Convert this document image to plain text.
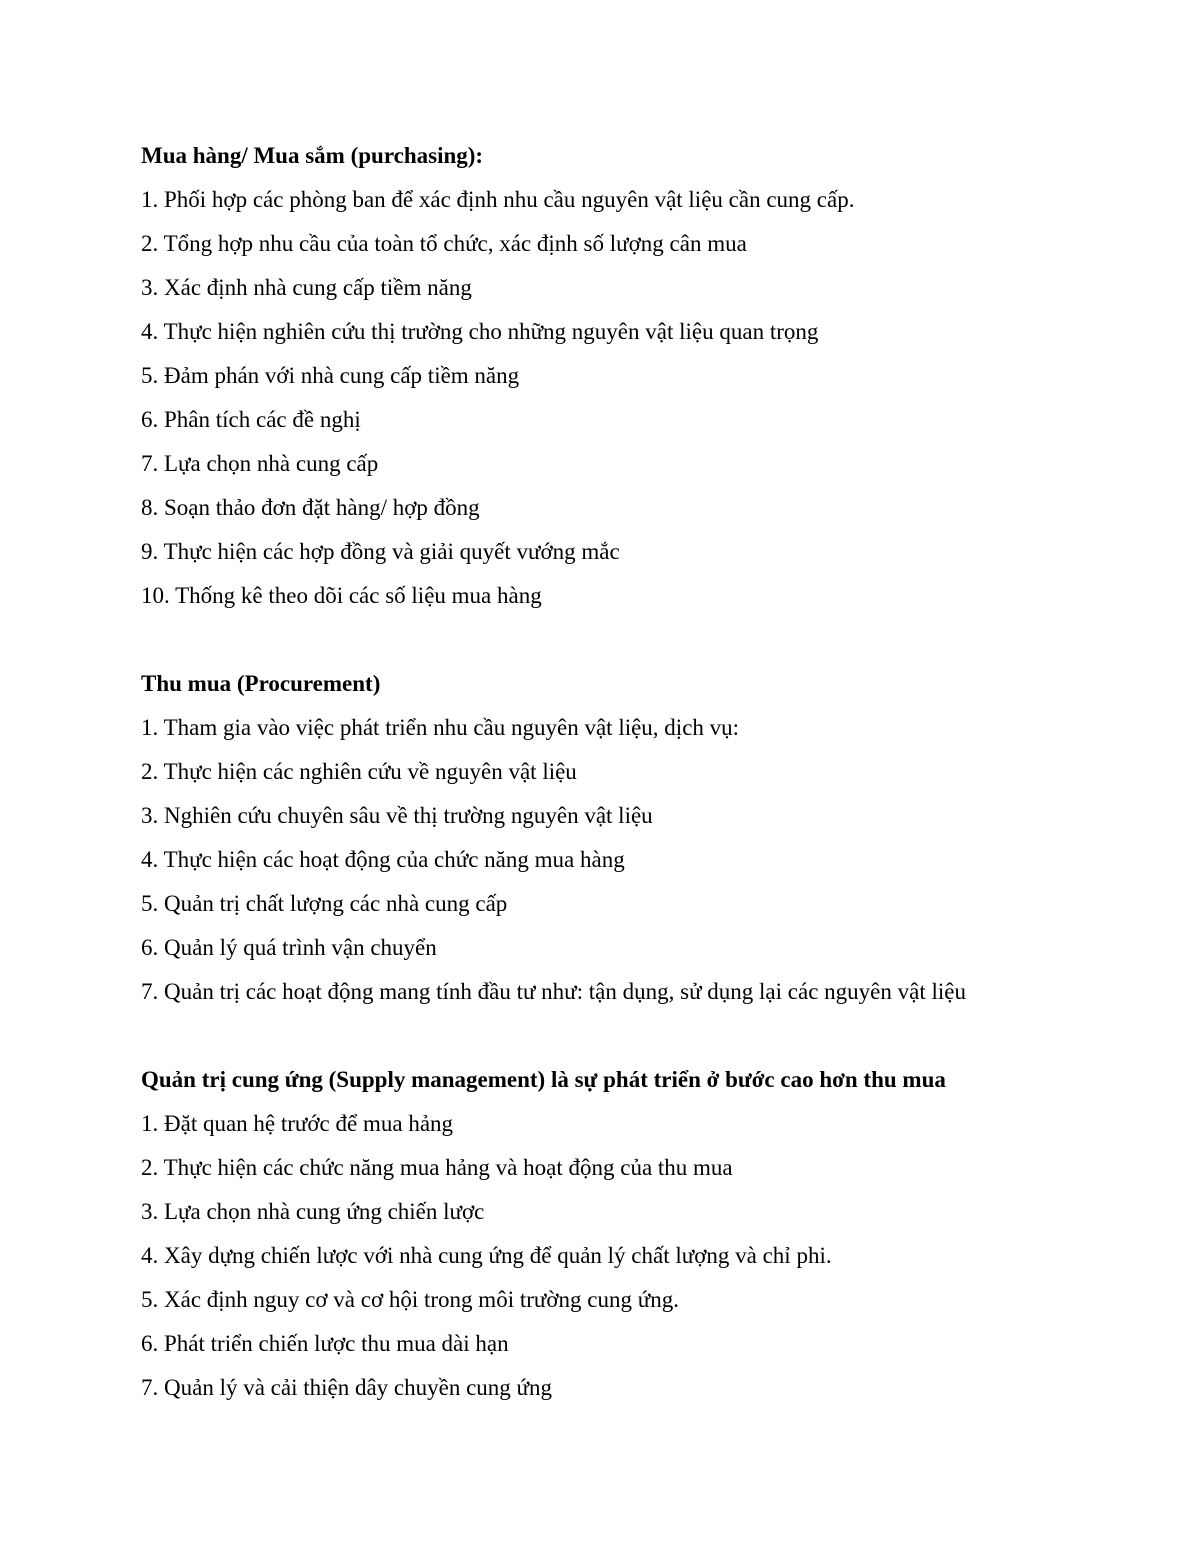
Mua hàng/ Mua sắm (purchasing):
1. Phối hợp các phòng ban để xác định nhu cầu nguyên vật liệu cần cung cấp.
2. Tổng hợp nhu cầu của toàn tổ chức, xác định số lượng cân mua
3. Xác định nhà cung cấp tiềm năng
4. Thực hiện nghiên cứu thị trường cho những nguyên vật liệu quan trọng
5. Đảm phán với nhà cung cấp tiềm năng
6. Phân tích các đề nghị
7. Lựa chọn nhà cung cấp
8. Soạn thảo đơn đặt hàng/ hợp đồng
9. Thực hiện các hợp đồng và giải quyết vướng mắc
10. Thống kê theo dõi các số liệu mua hàng
Thu mua (Procurement)
1. Tham gia vào việc phát triển nhu cầu nguyên vật liệu, dịch vụ:
2. Thực hiện các nghiên cứu về nguyên vật liệu
3. Nghiên cứu chuyên sâu về thị trường nguyên vật liệu
4. Thực hiện các hoạt động của chức năng mua hàng
5. Quản trị chất lượng các nhà cung cấp
6. Quản lý quá trình vận chuyển
7. Quản trị các hoạt động mang tính đầu tư như: tận dụng, sử dụng lại các nguyên vật liệu
Quản trị cung ứng (Supply management) là sự phát triển ở bước cao hơn thu mua
1. Đặt quan hệ trước để mua hảng
2. Thực hiện các chức năng mua hảng và hoạt động của thu mua
3. Lựa chọn nhà cung ứng chiến lược
4. Xây dựng chiến lược với nhà cung ứng để quản lý chất lượng và chỉ phi.
5. Xác định nguy cơ và cơ hội trong môi trường cung ứng.
6. Phát triển chiến lược thu mua dài hạn
7. Quản lý và cải thiện dây chuyền cung ứng
